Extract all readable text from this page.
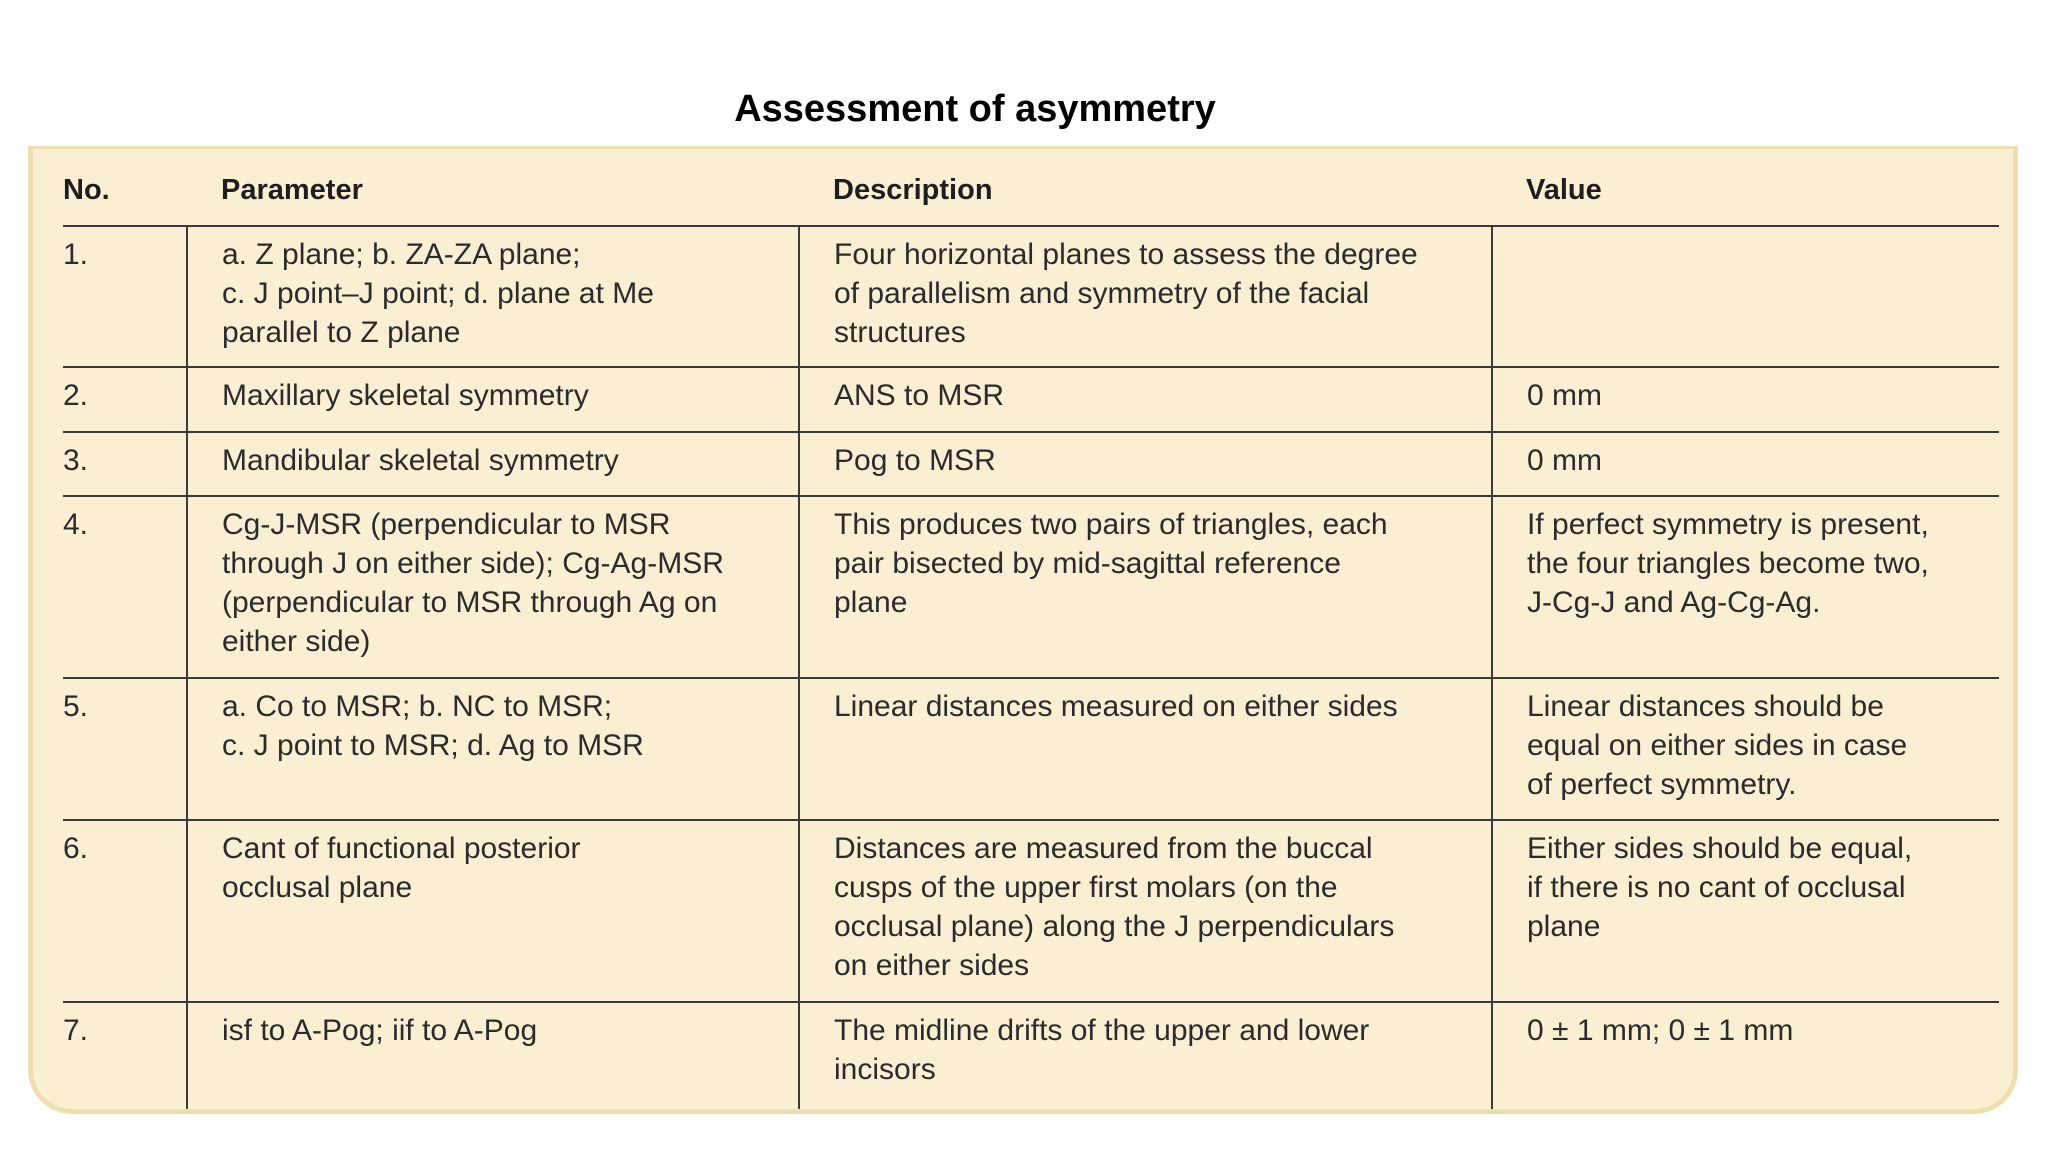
Assessment of asymmetry
No.	Parameter	Description	Value
1.	a. Z plane; b. ZA-ZA plane;
c. J point–J point; d. plane at Me
parallel to Z plane	Four horizontal planes to assess the degree
of parallelism and symmetry of the facial
structures	

2.	Maxillary skeletal symmetry	ANS to MSR	0 mm

3.	Mandibular skeletal symmetry	Pog to MSR	0 mm

4.	Cg-J-MSR (perpendicular to MSR
through J on either side); Cg-Ag-MSR
(perpendicular to MSR through Ag on
either side)	This produces two pairs of triangles, each
pair bisected by mid-sagittal reference
plane	If perfect symmetry is present,
the four triangles become two,
J-Cg-J and Ag-Cg-Ag.

5.	a. Co to MSR; b. NC to MSR;
c. J point to MSR; d. Ag to MSR	Linear distances measured on either sides	Linear distances should be
equal on either sides in case
of perfect symmetry.

6.	Cant of functional posterior
occlusal plane	Distances are measured from the buccal
cusps of the upper first molars (on the
occlusal plane) along the J perpendiculars
on either sides	Either sides should be equal,
if there is no cant of occlusal
plane

7.	isf to A-Pog; iif to A-Pog	The midline drifts of the upper and lower
incisors	0 ± 1 mm; 0 ± 1 mm
